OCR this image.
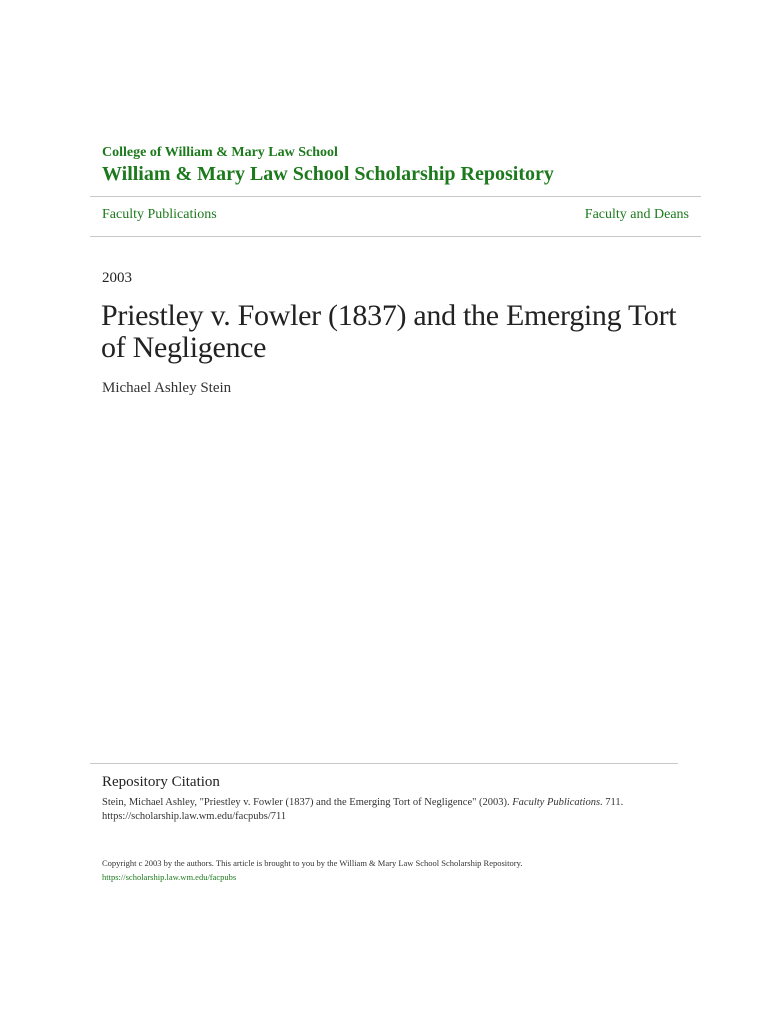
College of William & Mary Law School
William & Mary Law School Scholarship Repository
Faculty Publications	Faculty and Deans
2003
Priestley v. Fowler (1837) and the Emerging Tort of Negligence
Michael Ashley Stein
Repository Citation
Stein, Michael Ashley, "Priestley v. Fowler (1837) and the Emerging Tort of Negligence" (2003). Faculty Publications. 711.
https://scholarship.law.wm.edu/facpubs/711
Copyright c 2003 by the authors. This article is brought to you by the William & Mary Law School Scholarship Repository.
https://scholarship.law.wm.edu/facpubs
